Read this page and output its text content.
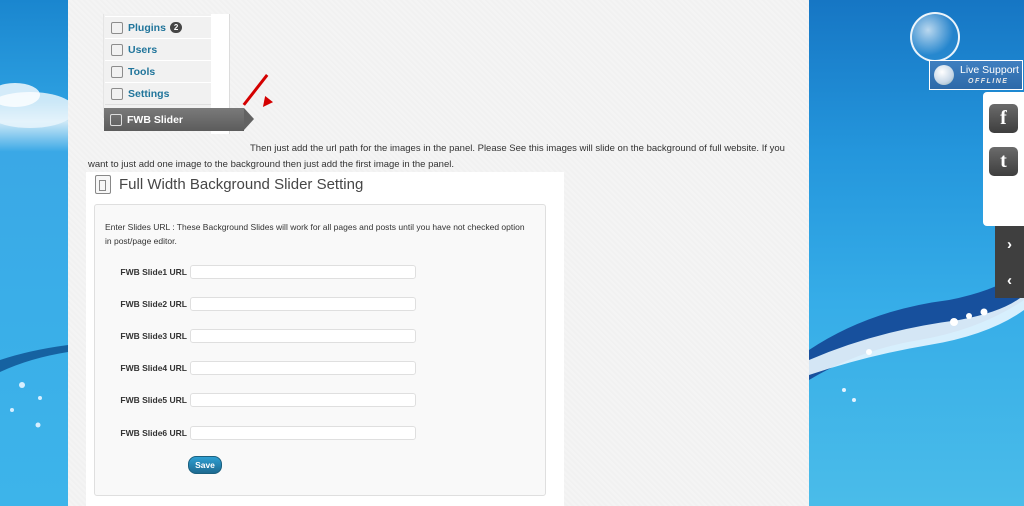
Plugins	2
Users
Tools
Settings
FWB Slider
Then just add the url path for the images in the panel. Please See this images will slide on the background of full website. If you want to just add one image to the background then just add the first image in the panel.
Full Width Background Slider Setting
Enter Slides URL : These Background Slides will work for all pages and posts until you have not checked option in post/page editor.
FWB Slide1 URL
FWB Slide2 URL
FWB Slide3 URL
FWB Slide4 URL
FWB Slide5 URL
FWB Slide6 URL
Save
Live Support
OFFLINE
f
t
›
‹
